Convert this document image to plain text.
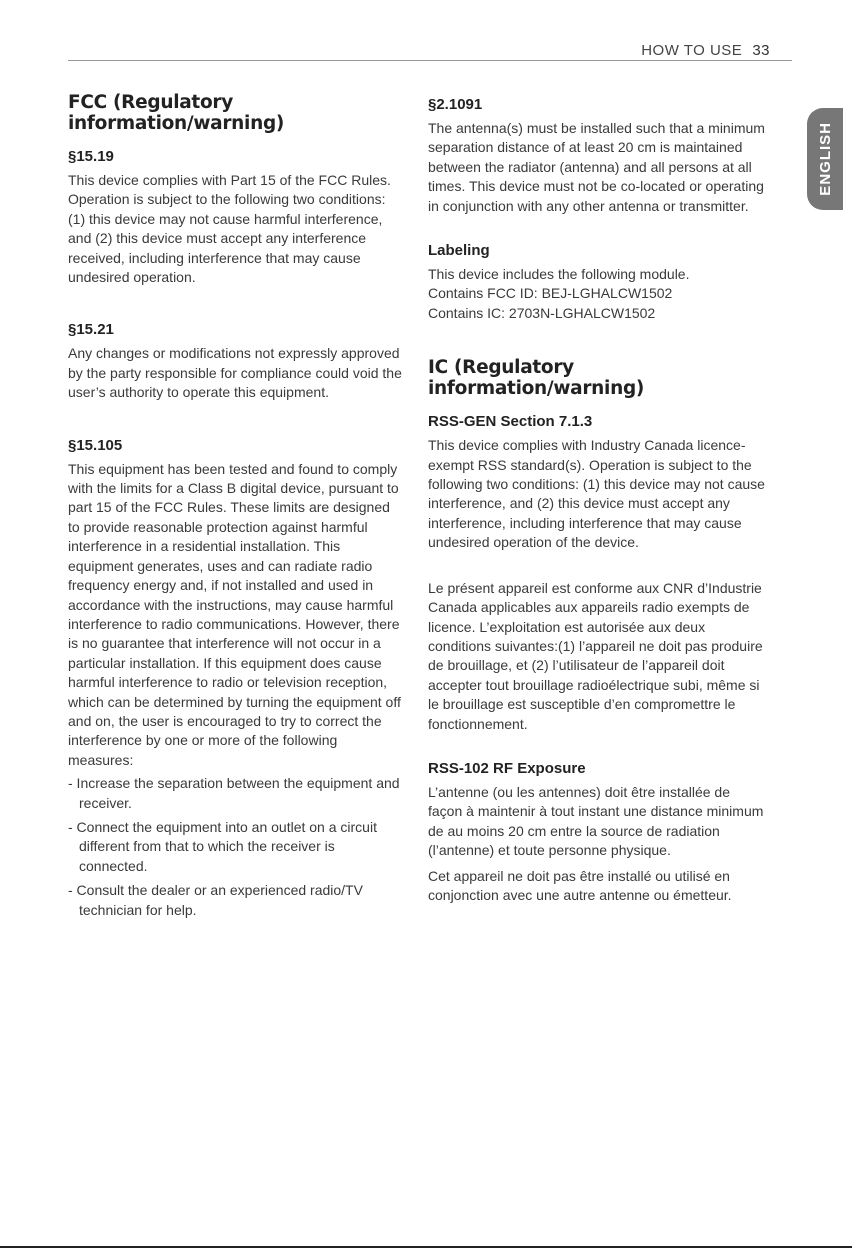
HOW TO USE 33
ENGLISH
FCC (Regulatory information/warning)
§15.19

This device complies with Part 15 of the FCC Rules. Operation is subject to the following two conditions: (1) this device may not cause harmful interference, and (2) this device must accept any interference received, including interference that may cause undesired operation.

§15.21

Any changes or modifications not expressly approved by the party responsible for compliance could void the user’s authority to operate this equipment.

§15.105

This equipment has been tested and found to comply with the limits for a Class B digital device, pursuant to part 15 of the FCC Rules. These limits are designed to provide reasonable protection against harmful interference in a residential installation. This equipment generates, uses and can radiate radio frequency energy and, if not installed and used in accordance with the instructions, may cause harmful interference to radio communications. However, there is no guarantee that interference will not occur in a particular installation. If this equipment does cause harmful interference to radio or television reception, which can be determined by turning the equipment off and on, the user is encouraged to try to correct the interference by one or more of the following measures:

- Increase the separation between the equipment and receiver.
- Connect the equipment into an outlet on a circuit different from that to which the receiver is connected.
- Consult the dealer or an experienced radio/TV technician for help.
§2.1091

The antenna(s) must be installed such that a minimum separation distance of at least 20 cm is maintained between the radiator (antenna) and all persons at all times. This device must not be co-located or operating in conjunction with any other antenna or transmitter.

Labeling

This device includes the following module.

Contains FCC ID: BEJ-LGHALCW1502

Contains IC: 2703N-LGHALCW1502

IC (Regulatory information/warning)
RSS-GEN Section 7.1.3

This device complies with Industry Canada licence-exempt RSS standard(s). Operation is subject to the following two conditions: (1) this device may not cause interference, and (2) this device must accept any interference, including interference that may cause undesired operation of the device.

Le présent appareil est conforme aux CNR d’Industrie Canada applicables aux appareils radio exempts de licence. L’exploitation est autorisée aux deux conditions suivantes:(1) l’appareil ne doit pas produire de brouillage, et (2) l’utilisateur de l’appareil doit accepter tout brouillage radioélectrique subi, même si le brouillage est susceptible d’en compromettre le fonctionnement.

RSS-102 RF Exposure

L’antenne (ou les antennes) doit être installée de façon à maintenir à tout instant une distance minimum de au moins 20 cm entre la source de radiation (l’antenne) et toute personne physique.

Cet appareil ne doit pas être installé ou utilisé en conjonction avec une autre antenne ou émetteur.
